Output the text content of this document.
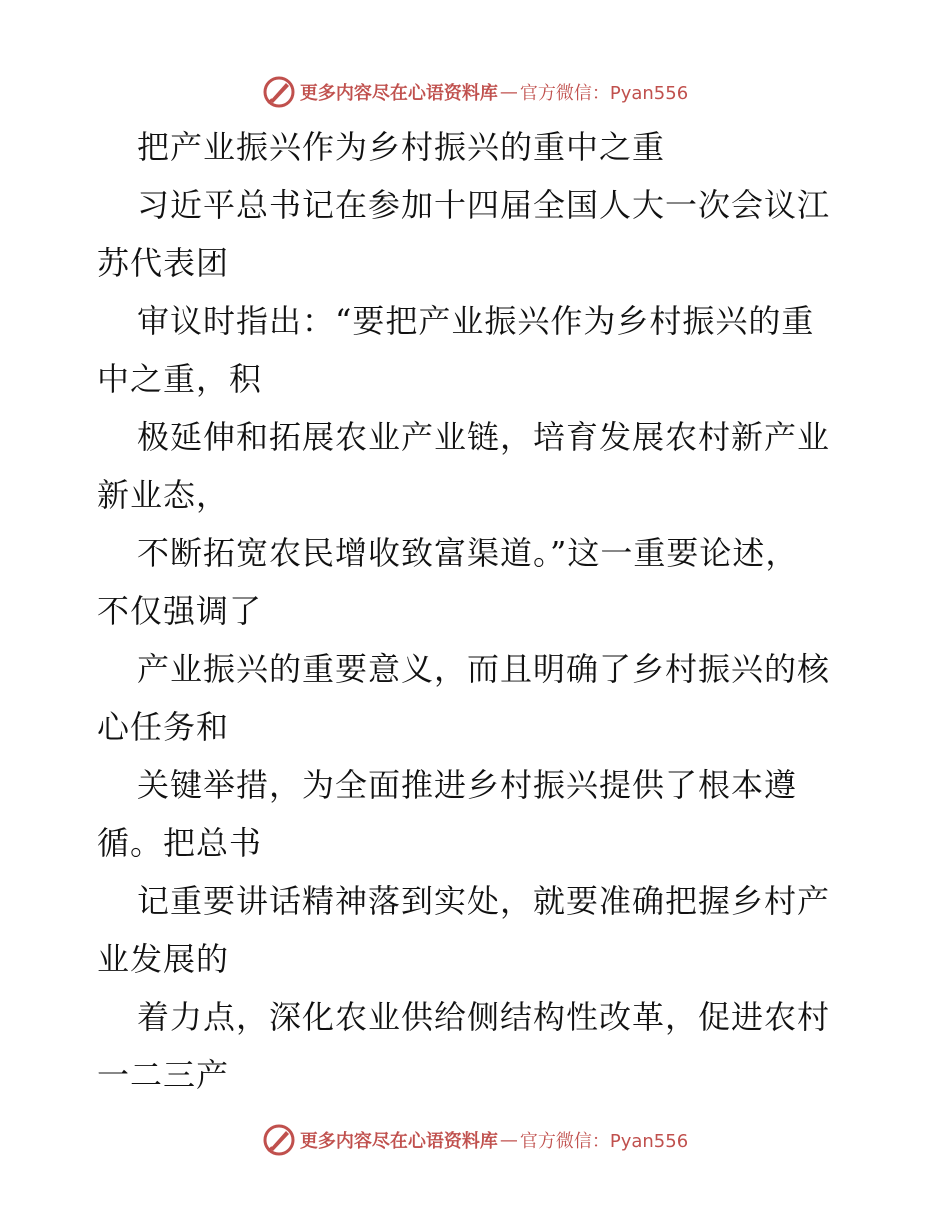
更多内容尽在心语资料库 — 官方微信：Pyan556
把产业振兴作为乡村振兴的重中之重
习近平总书记在参加十四届全国人大一次会议江
苏代表团
审议时指出：“要把产业振兴作为乡村振兴的重
中之重，积
极延伸和拓展农业产业链，培育发展农村新产业
新业态，
不断拓宽农民增收致富渠道。”这一重要论述，
不仅强调了
产业振兴的重要意义，而且明确了乡村振兴的核
心任务和
关键举措，为全面推进乡村振兴提供了根本遵
循。把总书
记重要讲话精神落到实处，就要准确把握乡村产
业发展的
着力点，深化农业供给侧结构性改革，促进农村
一二三产
更多内容尽在心语资料库 — 官方微信：Pyan556
